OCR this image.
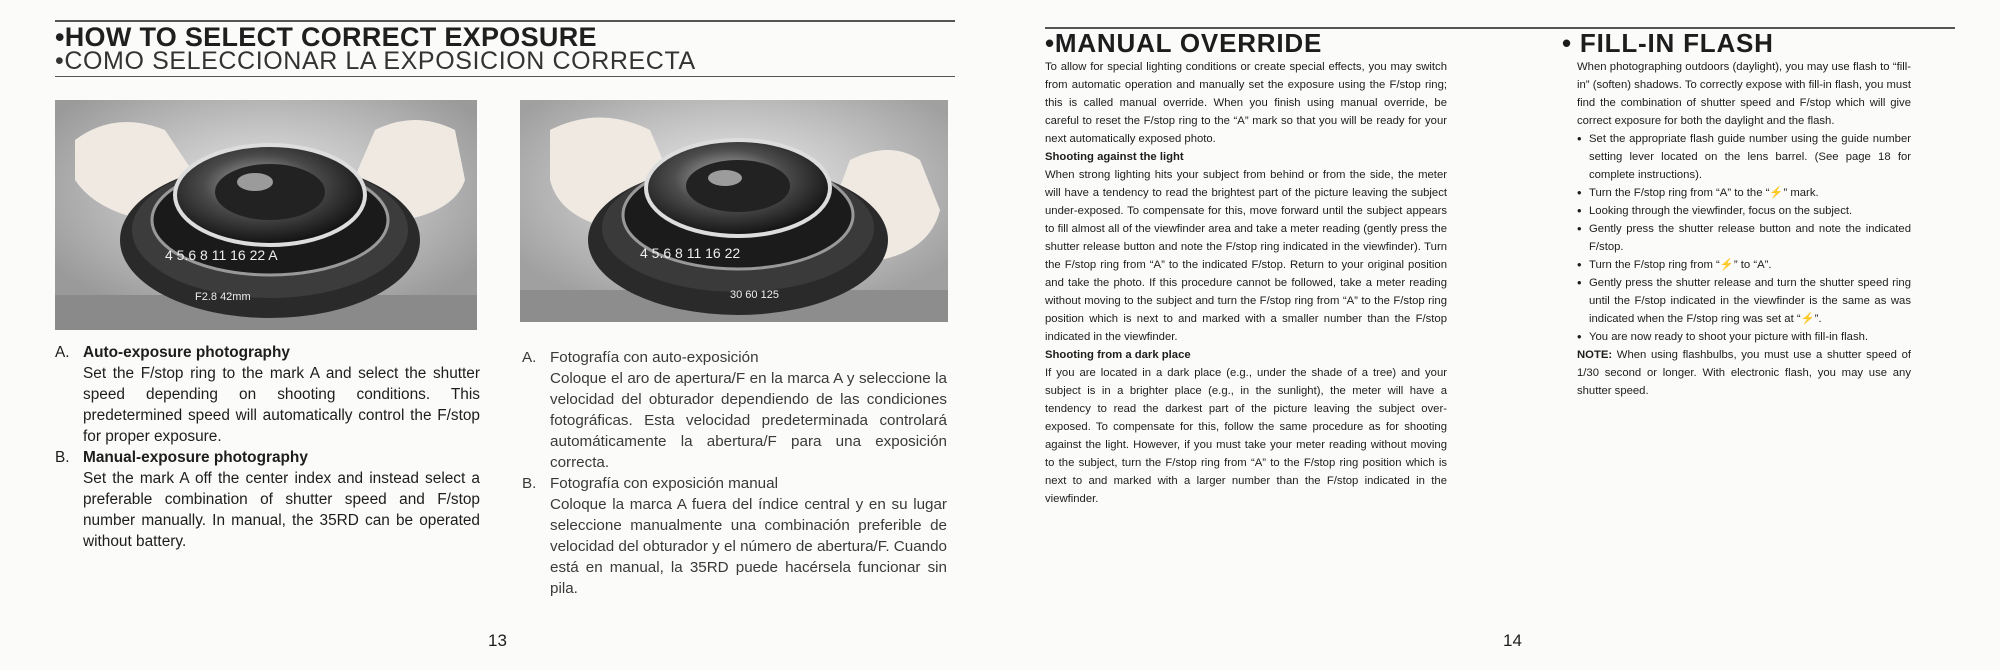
•HOW TO SELECT CORRECT EXPOSURE
•COMO SELECCIONAR LA EXPOSICION CORRECTA
4 5.6 8 11 16 22 A
F2.8 42mm
4 5.6 8 11 16 22
30 60 125

A. Auto-exposure photography

Set the F/stop ring to the mark A and select the shutter speed depending on shooting conditions. This predetermined speed will automatically control the F/stop for proper exposure.

B. Manual-exposure photography

Set the mark A off the center index and instead select a preferable combination of shutter speed and F/stop number manually. In manual, the 35RD can be operated without battery.

A. Fotografía con auto-exposición

Coloque el aro de apertura/F en la marca A y seleccione la velocidad del obturador dependiendo de las condiciones fotográficas. Esta velocidad predeterminada controlará automáticamente la abertura/F para una exposición correcta.

B. Fotografía con exposición manual

Coloque la marca A fuera del índice central y en su lugar seleccione manualmente una combinación preferible de velocidad del obturador y el número de abertura/F. Cuando está en manual, la 35RD puede hacérsela funcionar sin pila.

13
•MANUAL OVERRIDE	• FILL-IN FLASH

To allow for special lighting conditions or create special effects, you may switch from automatic operation and manually set the exposure using the F/stop ring; this is called manual override. When you finish using manual override, be careful to reset the F/stop ring to the “A” mark so that you will be ready for your next automatically exposed photo.

Shooting against the light

When strong lighting hits your subject from behind or from the side, the meter will have a tendency to read the brightest part of the picture leaving the subject under-exposed. To compensate for this, move forward until the subject appears to fill almost all of the viewfinder area and take a meter reading (gently press the shutter release button and note the F/stop ring indicated in the viewfinder). Turn the F/stop ring from “A” to the indicated F/stop. Return to your original position and take the photo. If this procedure cannot be followed, take a meter reading without moving to the subject and turn the F/stop ring from “A” to the F/stop ring position which is next to and marked with a smaller number than the F/stop indicated in the viewfinder.

Shooting from a dark place

If you are located in a dark place (e.g., under the shade of a tree) and your subject is in a brighter place (e.g., in the sunlight), the meter will have a tendency to read the darkest part of the picture leaving the subject over-exposed. To compensate for this, follow the same procedure as for shooting against the light. However, if you must take your meter reading without moving to the subject, turn the F/stop ring from “A” to the F/stop ring position which is next to and marked with a larger number than the F/stop indicated in the viewfinder.

When photographing outdoors (daylight), you may use flash to “fill-in” (soften) shadows. To correctly expose with fill-in flash, you must find the combination of shutter speed and F/stop which will give correct exposure for both the daylight and the flash.

• Set the appropriate flash guide number using the guide number setting lever located on the lens barrel. (See page 18 for complete instructions).
• Turn the F/stop ring from “A” to the “⚡” mark.
• Looking through the viewfinder, focus on the subject.
• Gently press the shutter release button and note the indicated F/stop.
• Turn the F/stop ring from “⚡” to “A”.
• Gently press the shutter release and turn the shutter speed ring until the F/stop indicated in the viewfinder is the same as was indicated when the F/stop ring was set at “⚡”.
• You are now ready to shoot your picture with fill-in flash.

NOTE: When using flashbulbs, you must use a shutter speed of 1/30 second or longer. With electronic flash, you may use any shutter speed.

14
